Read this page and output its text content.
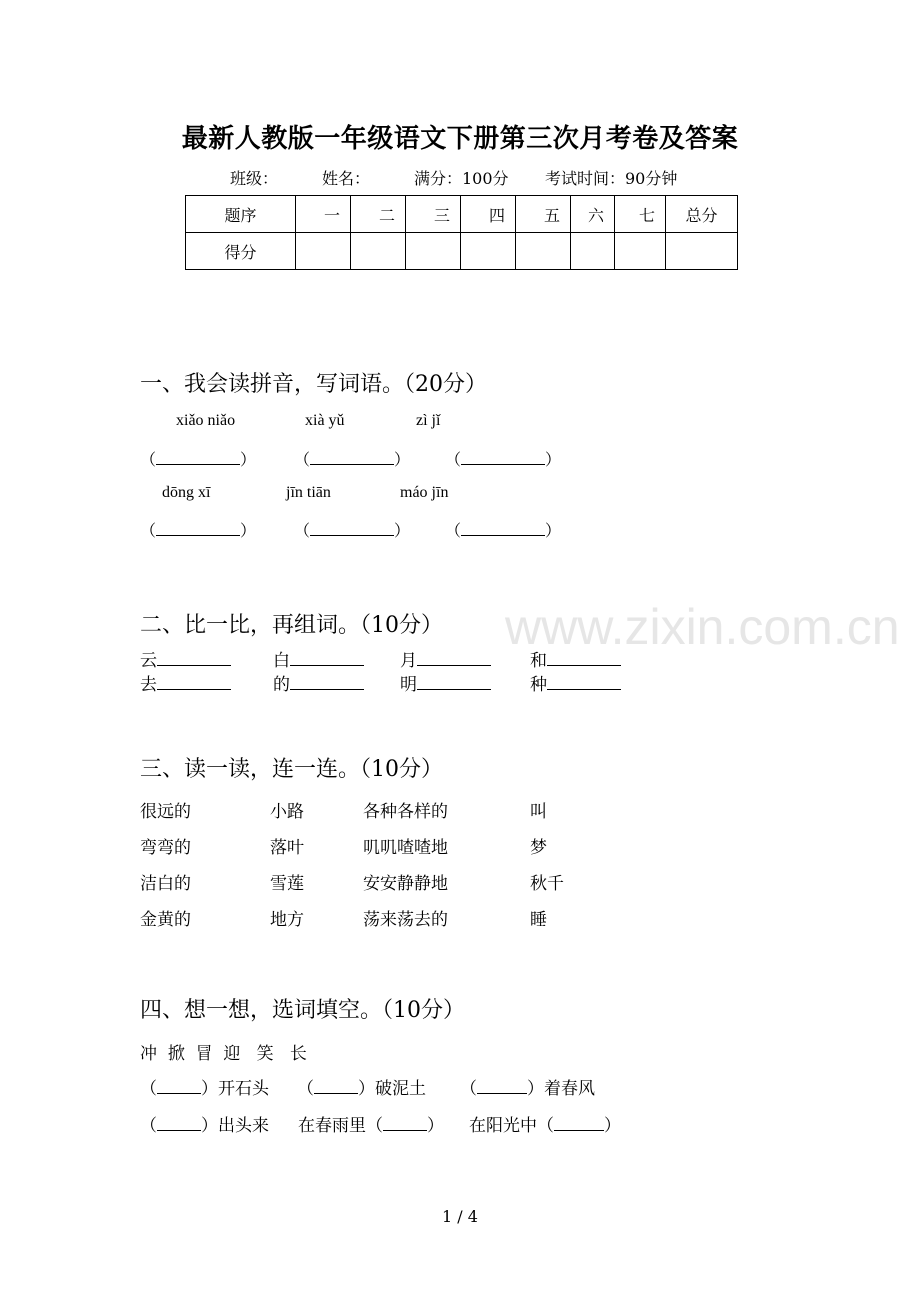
最新人教版一年级语文下册第三次月考卷及答案
班级：	姓名：	满分：100分 考试时间：90分钟
题序	一	二	三	四	五	六	七	总分
得分								
一、我会读拼音，写词语。（20分）
xiǎo niǎo	xià yǔ	zì jǐ
（	） （	） （	）
dōng xī	jīn tiān	máo jīn
（	） （	） （	）
www.zixin.com.cn
二、比一比，再组词。（10分）
云	白	月	和
去	的	明	种
三、读一读，连一连。（10分）
很远的	小路	各种各样的	叫
弯弯的	落叶	叽叽喳喳地	梦
洁白的	雪莲	安安静静地	秋千
金黄的	地方	荡来荡去的	睡
四、想一想，选词填空。（10分）
冲  掀  冒  迎   笑   长
（	）开石头 （	）破泥土 （	）着春风
（	）出头来 在春雨里（	） 在阳光中（	）
1 / 4
